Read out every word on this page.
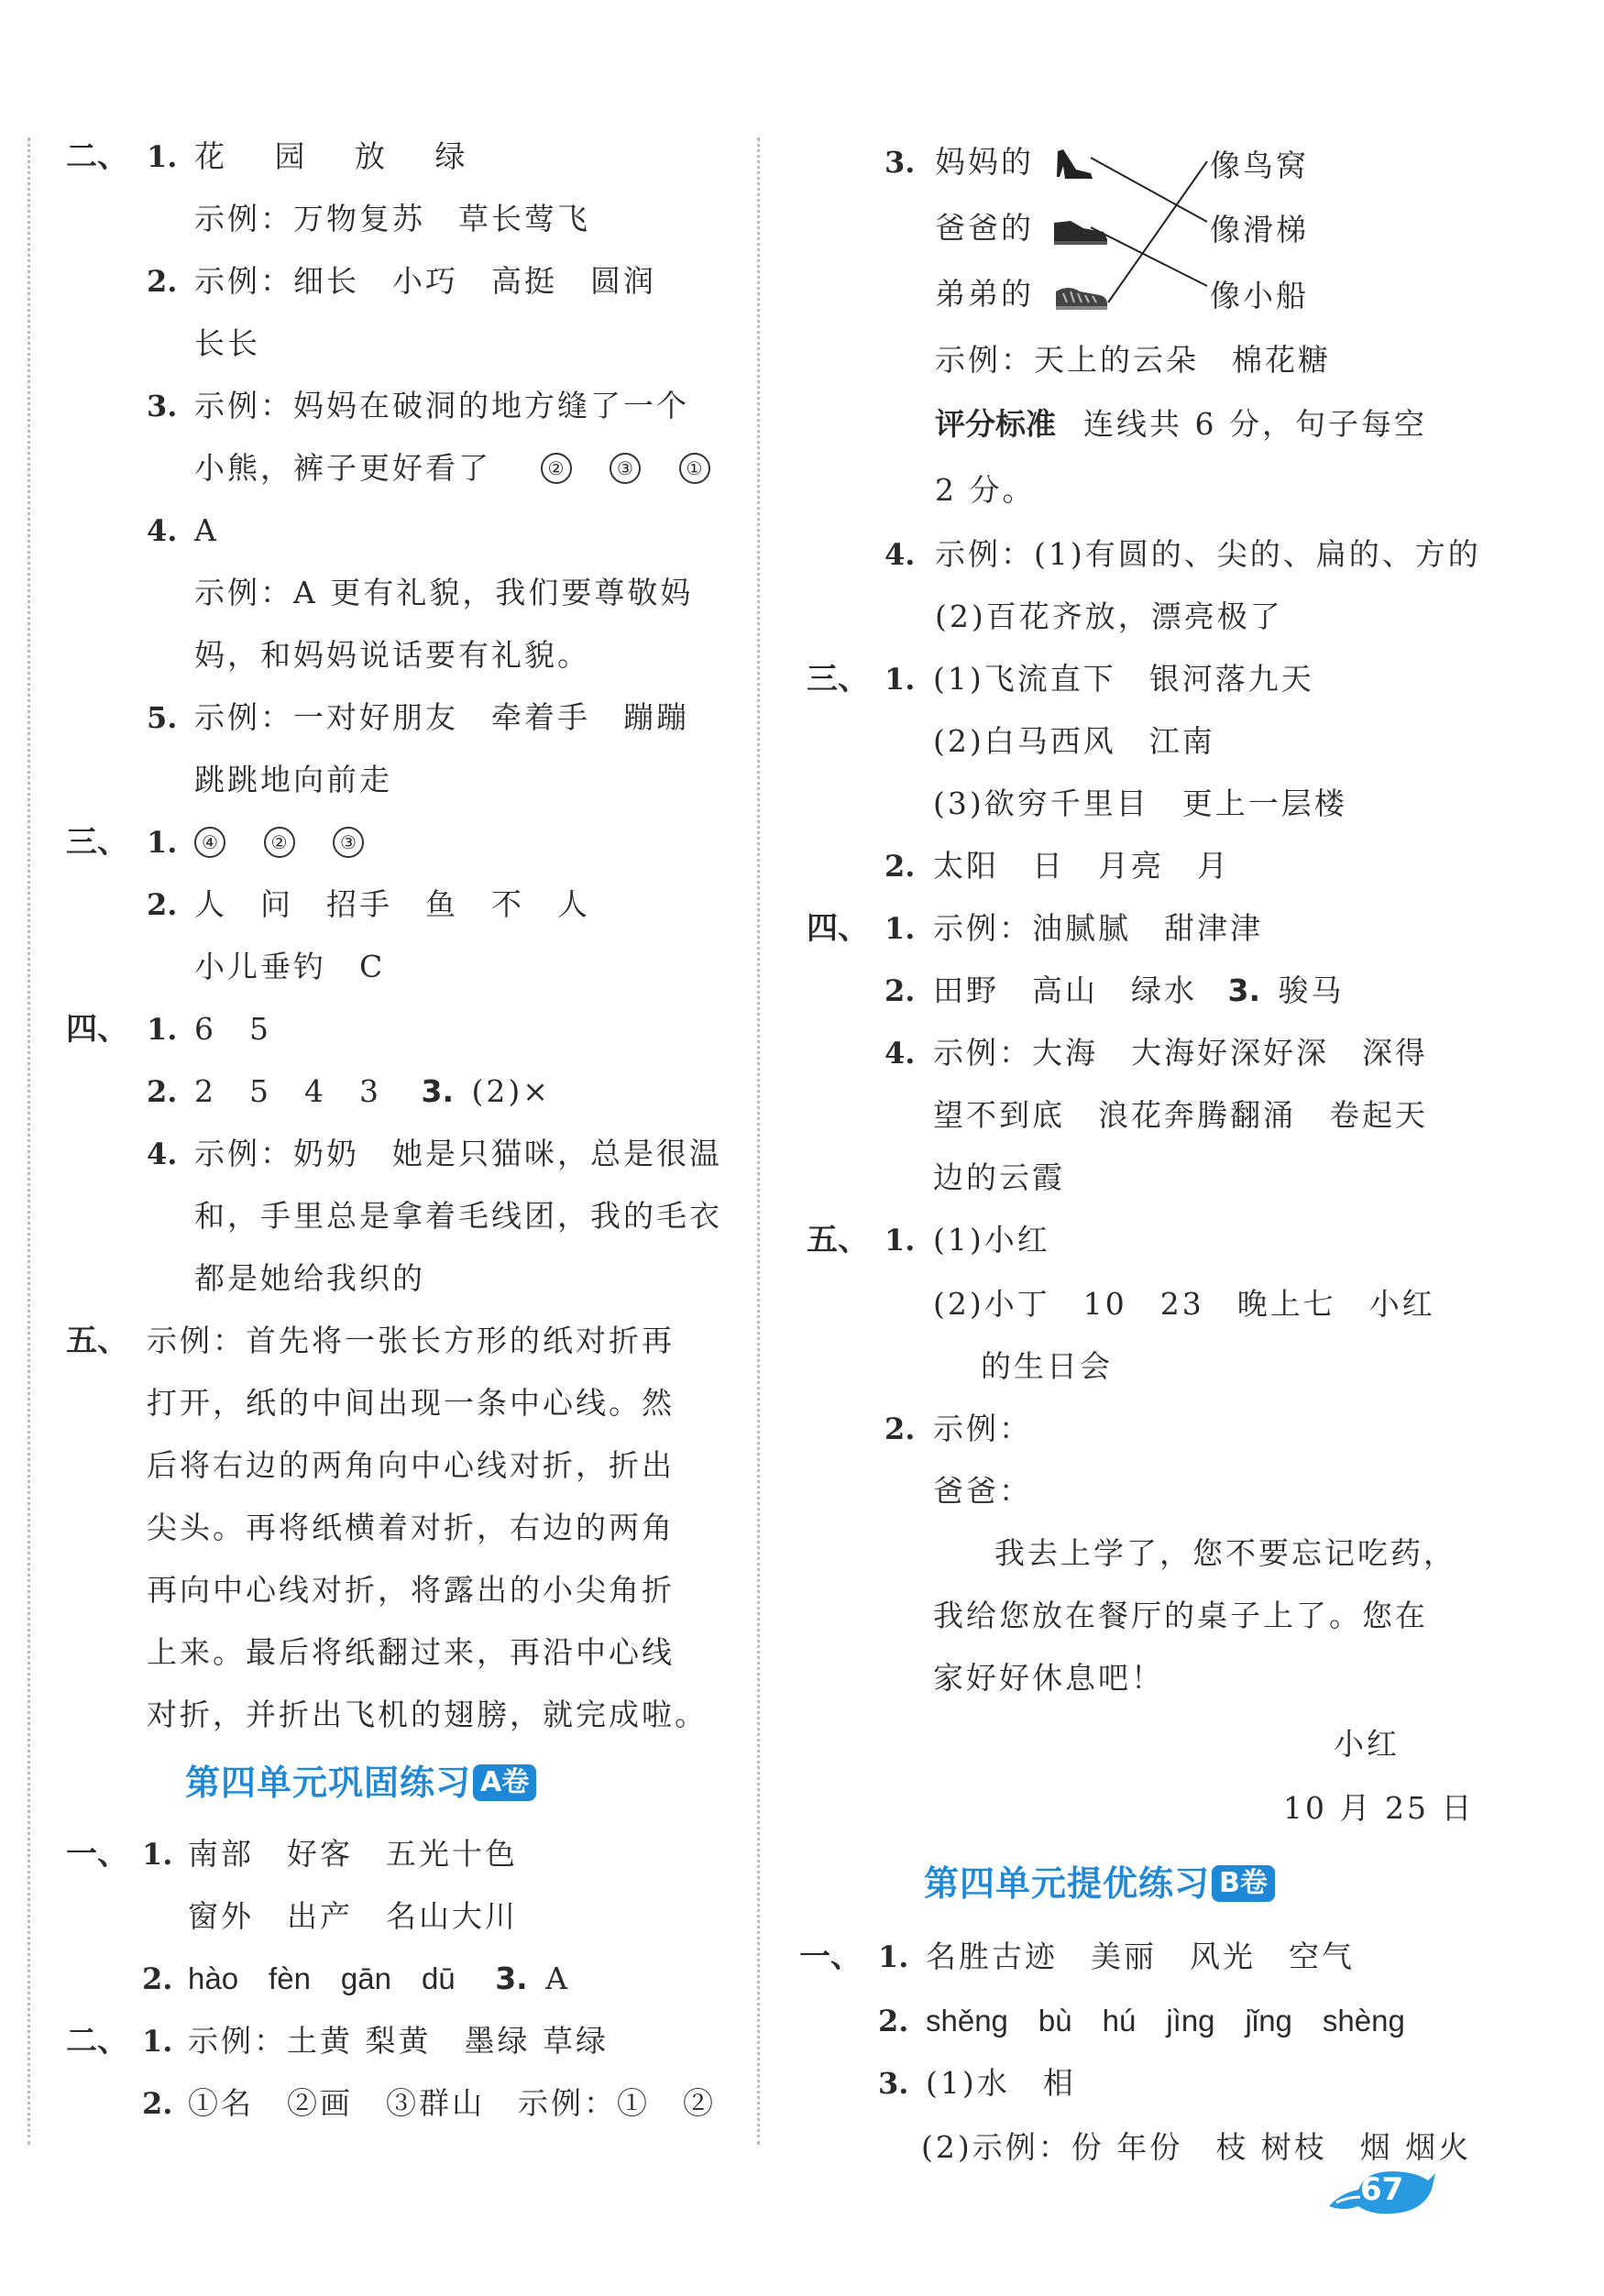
二、 1. 花 园 放 绿
示例：万物复苏　草长莺飞
2. 示例：细长　小巧　高挺　圆润
长长
3. 示例：妈妈在破洞的地方缝了一个
小熊，裤子更好看了	②	③	①
4. A
示例：A 更有礼貌，我们要尊敬妈
妈，和妈妈说话要有礼貌。
5. 示例：一对好朋友　牵着手　蹦蹦
跳跳地向前走
三、 1.	④	②	③
2. 人　问　招手　鱼　不　人
小儿垂钓　C
四、 1. 6　5
2. 2　5　4　3 3. (2)×
4. 示例：奶奶　她是只猫咪，总是很温
和，手里总是拿着毛线团，我的毛衣
都是她给我织的
五、 示例：首先将一张长方形的纸对折再
打开，纸的中间出现一条中心线。然
后将右边的两角向中心线对折，折出
尖头。再将纸横着对折，右边的两角
再向中心线对折，将露出的小尖角折
上来。最后将纸翻过来，再沿中心线
对折，并折出飞机的翅膀，就完成啦。
第四单元巩固练习 A卷
一、 1. 南部　好客　五光十色
窗外　出产　名山大川
2. hào　fèn　gān　dū 3. A
二、 1. 示例：土黄 梨黄　墨绿 草绿
2. ①名　②画　③群山　示例：①　②
3. 妈妈的
爸爸的
弟弟的
像鸟窝
像滑梯
像小船
示例：天上的云朵　棉花糖
评分标准 连线共 6 分，句子每空
2 分。
4. 示例：(1)有圆的、尖的、扁的、方的
(2)百花齐放，漂亮极了
三、 1. (1)飞流直下　银河落九天
(2)白马西风　江南
(3)欲穷千里目　更上一层楼
2. 太阳　日　月亮　月
四、 1. 示例：油腻腻　甜津津
2. 田野　高山　绿水 3. 骏马
4. 示例：大海　大海好深好深　深得
望不到底　浪花奔腾翻涌　卷起天
边的云霞
五、 1. (1)小红
(2)小丁　10　23　晚上七　小红
的生日会
2. 示例：
爸爸：
我去上学了，您不要忘记吃药，
我给您放在餐厅的桌子上了。您在
家好好休息吧！
小红
10 月 25 日
第四单元提优练习 B卷
一、 1. 名胜古迹　美丽　风光　空气
2. shěng　bù　hú　jìng　jǐng　shèng
3. (1)水　相
(2)示例：份 年份　枝 树枝　烟 烟火
67
